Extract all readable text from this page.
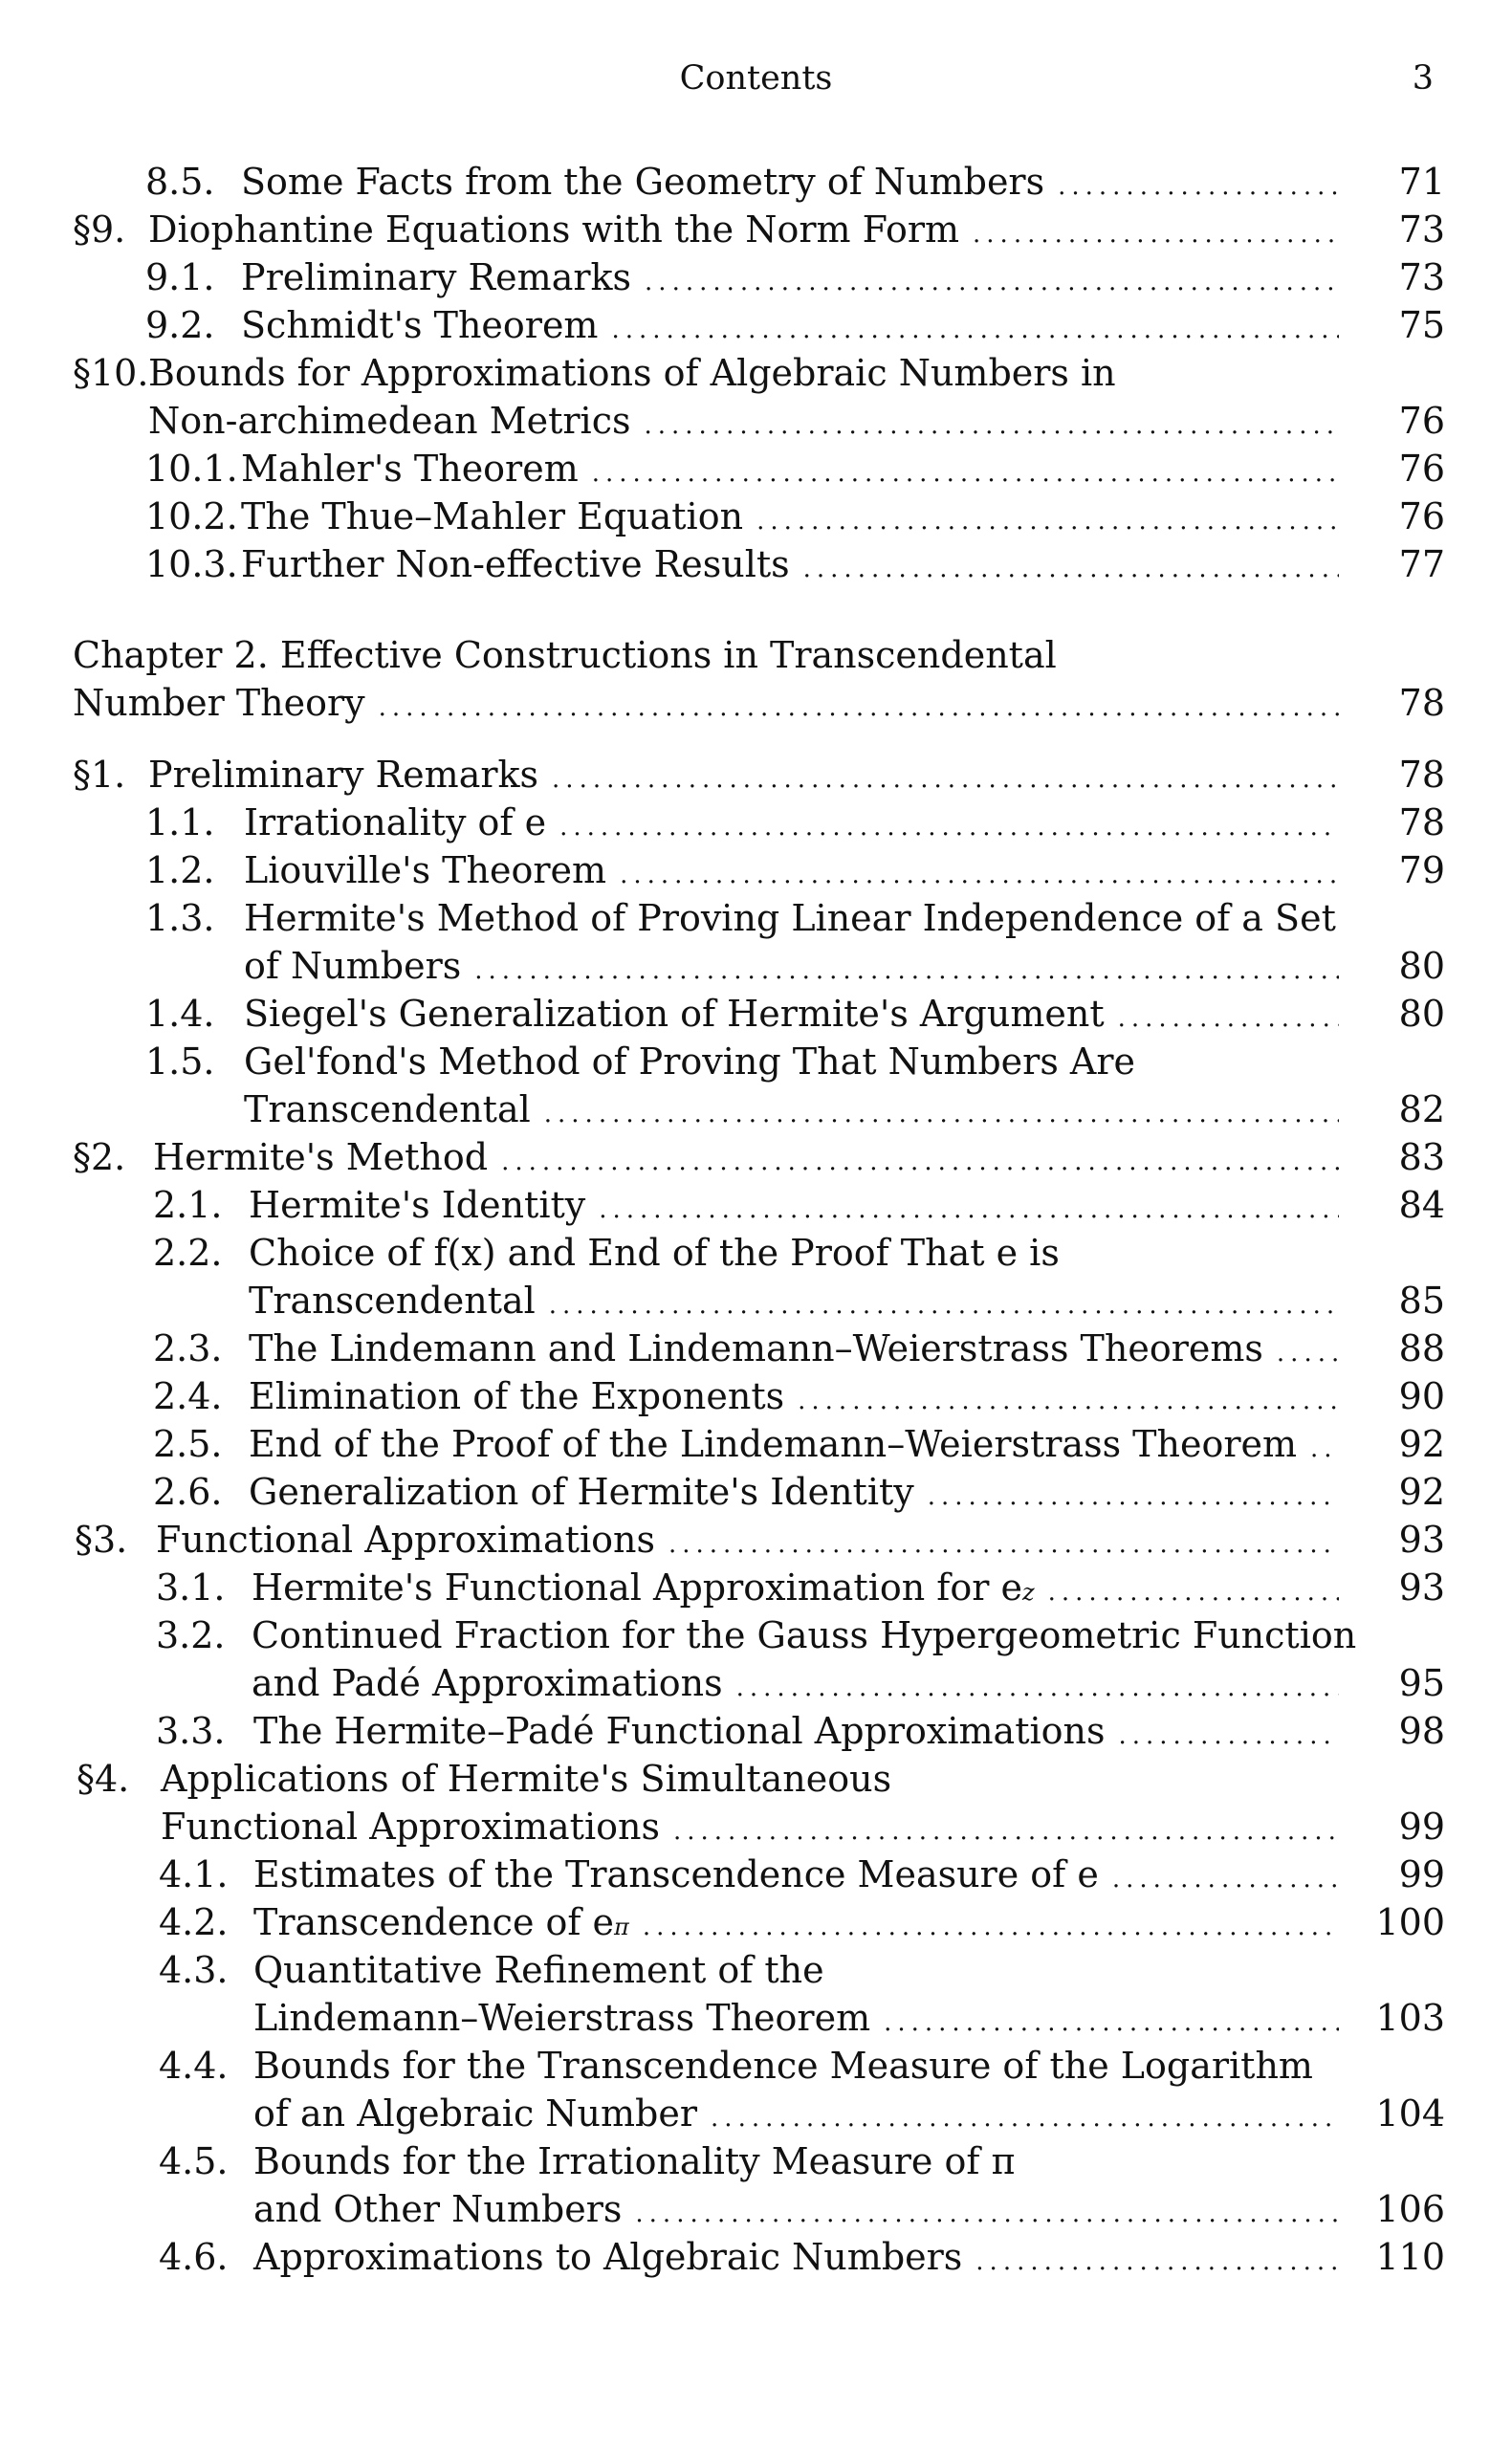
Contents	3
8.5. Some Facts from the Geometry of Numbers .....	71
§9. Diophantine Equations with the Norm Form .....	73
9.1. Preliminary Remarks .....	73
9.2. Schmidt's Theorem .....	75
§10. Bounds for Approximations of Algebraic Numbers in
Non-archimedean Metrics .....	76
10.1. Mahler's Theorem .....	76
10.2. The Thue–Mahler Equation .....	76
10.3. Further Non-effective Results .....	77
Chapter 2. Effective Constructions in Transcendental
Number Theory .....	78
§1. Preliminary Remarks .....	78
1.1. Irrationality of e .....	78
1.2. Liouville's Theorem .....	79
1.3. Hermite's Method of Proving Linear Independence of a Set
of Numbers .....	80
1.4. Siegel's Generalization of Hermite's Argument .....	80
1.5. Gel'fond's Method of Proving That Numbers Are
Transcendental .....	82
§2. Hermite's Method .....	83
2.1. Hermite's Identity .....	84
2.2. Choice of f(x) and End of the Proof That e is
Transcendental .....	85
2.3. The Lindemann and Lindemann–Weierstrass Theorems .....	88
2.4. Elimination of the Exponents .....	90
2.5. End of the Proof of the Lindemann–Weierstrass Theorem .....	92
2.6. Generalization of Hermite's Identity .....	92
§3. Functional Approximations .....	93
3.1. Hermite's Functional Approximation for e z .....	93
3.2. Continued Fraction for the Gauss Hypergeometric Function
and Padé Approximations .....	95
3.3. The Hermite–Padé Functional Approximations .....	98
§4. Applications of Hermite's Simultaneous
Functional Approximations .....	99
4.1. Estimates of the Transcendence Measure of e .....	99
4.2. Transcendence of e π .....	100
4.3. Quantitative Refinement of the
Lindemann–Weierstrass Theorem .....	103
4.4. Bounds for the Transcendence Measure of the Logarithm
of an Algebraic Number .....	104
4.5. Bounds for the Irrationality Measure of π
and Other Numbers .....	106
4.6. Approximations to Algebraic Numbers .....	110
